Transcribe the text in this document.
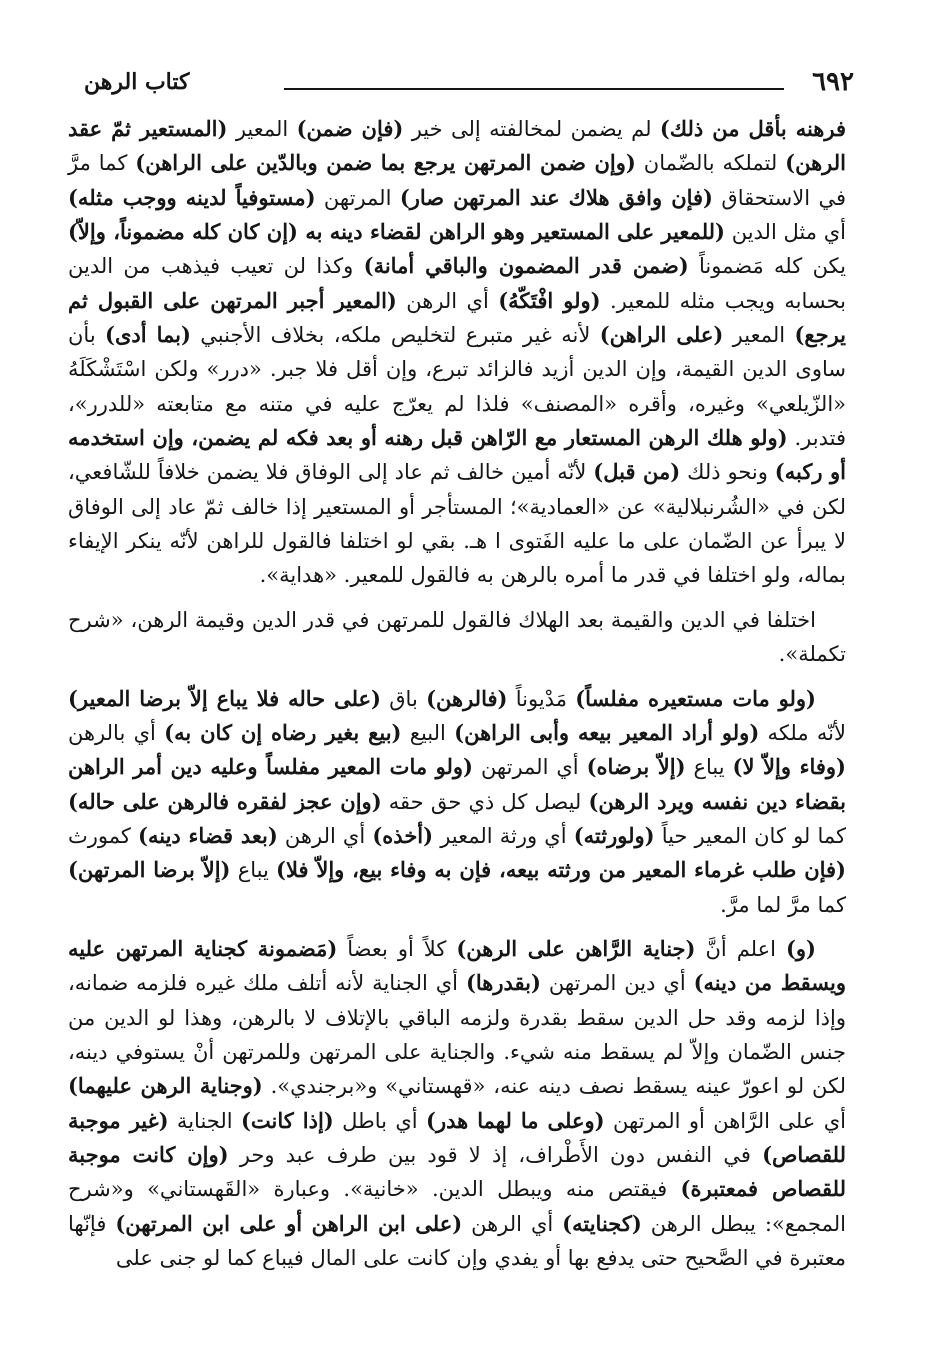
٦٩٢
كتاب الرهن

فرهنه بأقل من ذلك) لم يضمن لمخالفته إلى خير (فإن ضمن) المعير (المستعير ثمّ عقد الرهن) لتملكه بالضّمان (وإن ضمن المرتهن يرجع بما ضمن وبالدّين على الراهن) كما مرَّ في الاستحقاق (فإن وافق هلاك عند المرتهن صار) المرتهن (مستوفياً لدينه ووجب مثله) أي مثل الدين (للمعير على المستعير وهو الراهن لقضاء دينه به (إن كان كله مضموناً، وإلاّ) يكن كله مَضموناً (ضمن قدر المضمون والباقي أمانة) وكذا لن تعيب فيذهب من الدين بحسابه ويجب مثله للمعير. (ولو افْتَكّهُ) أي الرهن (المعير أجبر المرتهن على القبول ثم يرجع) المعير (على الراهن) لأنه غير متبرع لتخليص ملكه، بخلاف الأجنبي (بما أدى) بأن ساوى الدين القيمة، وإن الدين أزيد فالزائد تبرع، وإن أقل فلا جبر. «درر» ولكن اسْتَشْكَلَهُ «الزّيلعي» وغيره، وأقره «المصنف» فلذا لم يعرّج عليه في متنه مع متابعته «للدرر»، فتدبر. (ولو هلك الرهن المستعار مع الرّاهن قبل رهنه أو بعد فكه لم يضمن، وإن استخدمه أو ركبه) ونحو ذلك (من قبل) لأنّه أمين خالف ثم عاد إلى الوفاق فلا يضمن خلافاً للشّافعي، لكن في «الشُرنبلالية» عن «العمادية»؛ المستأجر أو المستعير إذا خالف ثمّ عاد إلى الوفاق لا يبرأ عن الضّمان على ما عليه الفَتوى ا هـ. بقي لو اختلفا فالقول للراهن لأنّه ينكر الإيفاء بماله، ولو اختلفا في قدر ما أمره بالرهن به فالقول للمعير. «هداية».

اختلفا في الدين والقيمة بعد الهلاك فالقول للمرتهن في قدر الدين وقيمة الرهن، «شرح تكملة».

(ولو مات مستعيره مفلساً) مَدْيوناً (فالرهن) باق (على حاله فلا يباع إلاّ برضا المعير) لأنّه ملكه (ولو أراد المعير بيعه وأبى الراهن) البيع (بيع بغير رضاه إن كان به) أي بالرهن (وفاء وإلاّ لا) يباع (إلاّ برضاه) أي المرتهن (ولو مات المعير مفلساً وعليه دين أمر الراهن بقضاء دين نفسه ويرد الرهن) ليصل كل ذي حق حقه (وإن عجز لفقره فالرهن على حاله) كما لو كان المعير حياً (ولورثته) أي ورثة المعير (أخذه) أي الرهن (بعد قضاء دينه) كمورث (فإن طلب غرماء المعير من ورثته بيعه، فإن به وفاء بيع، وإلاّ فلا) يباع (إلاّ برضا المرتهن) كما مرَّ لما مرَّ.

(و) اعلم أنَّ (جناية الرَّاهن على الرهن) كلاً أو بعضاً (مَضمونة كجناية المرتهن عليه ويسقط من دينه) أي دين المرتهن (بقدرها) أي الجناية لأنه أتلف ملك غيره فلزمه ضمانه، وإذا لزمه وقد حل الدين سقط بقدرة ولزمه الباقي بالإتلاف لا بالرهن، وهذا لو الدين من جنس الضّمان وإلاّ لم يسقط منه شيء. والجناية على المرتهن وللمرتهن أنْ يستوفي دينه، لكن لو اعورّ عينه يسقط نصف دينه عنه، «قهستاني» و«برجندي». (وجناية الرهن عليهما) أي على الرَّاهن أو المرتهن (وعلى ما لهما هدر) أي باطل (إذا كانت) الجناية (غير موجبة للقصاص) في النفس دون الأَطْراف، إذ لا قود بين طرف عبد وحر (وإن كانت موجبة للقصاص فمعتبرة) فيقتص منه ويبطل الدين. «خانية». وعبارة «القَهستاني» و«شرح المجمع»: يبطل الرهن (كجنايته) أي الرهن (على ابن الراهن أو على ابن المرتهن) فإنّها معتبرة في الصَّحيح حتى يدفع بها أو يفدي وإن كانت على المال فيباع كما لو جنى على
